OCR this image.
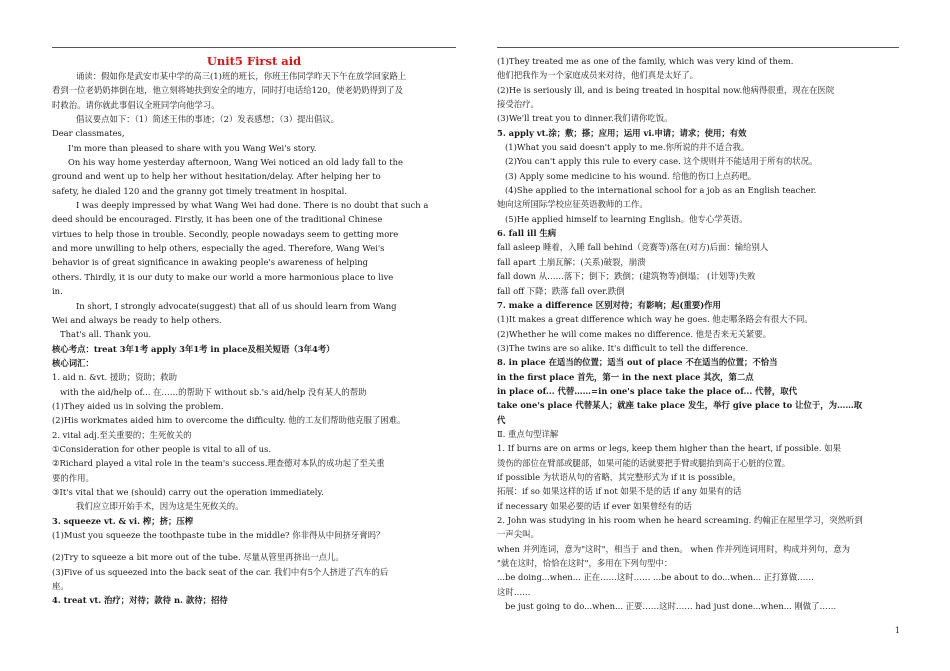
Unit5 First aid
诵读：假如你是武安市某中学的高三(1)班的班长，你班王伟同学昨天下午在放学回家路上
看到一位老奶奶摔倒在地，他立刻将她扶到安全的地方，同时打电话给120，使老奶奶得到了及
时救治。请你就此事倡议全班同学向他学习。
倡议要点如下：（1）简述王伟的事迹；（2）发表感想；（3）提出倡议。
Dear classmates,
I'm more than pleased to share with you Wang Wei's story.
On his way home yesterday afternoon, Wang Wei noticed an old lady fall to the
ground and went up to help her without hesitation/delay. After helping her to
safety, he dialed 120 and the granny got timely treatment in hospital.
I was deeply impressed by what Wang Wei had done. There is no doubt that such a
deed should be encouraged. Firstly, it has been one of the traditional Chinese
virtues to help those in trouble. Secondly, people nowadays seem to getting more
and more unwilling to help others, especially the aged. Therefore, Wang Wei's
behavior is of great significance in awaking people's awareness of helping
others. Thirdly, it is our duty to make our world a more harmonious place to live
in.
In short, I strongly advocate(suggest) that all of us should learn from Wang
Wei and always be ready to help others.
That's all. Thank you.
核心考点：treat 3年1考 apply 3年1考 in place及相关短语（3年4考）
核心词汇：
1. aid n. &vt. 援助；资助；救助
with the aid/help of... 在……的帮助下 without sb.'s aid/help 没有某人的帮助
(1)They aided us in solving the problem.
(2)His workmates aided him to overcome the difficulty. 他的工友们帮助他克服了困难。
2. vital adj.至关重要的；生死攸关的
①Consideration for other people is vital to all of us.
②Richard played a vital role in the team's success.理查德对本队的成功起了至关重
要的作用。
③It's vital that we (should) carry out the operation immediately.
我们应立即开始手术，因为这是生死攸关的。
3. squeeze vt. & vi. 榨；挤；压榨
(1)Must you squeeze the toothpaste tube in the middle? 你非得从中间挤牙膏吗？
(2)Try to squeeze a bit more out of the tube. 尽量从管里再挤出一点儿。
(3)Five of us squeezed into the back seat of the car. 我们中有5个人挤进了汽车的后
座。
4. treat vt. 治疗；对待；款待 n. 款待；招待
(1)They treated me as one of the family, which was very kind of them.
他们把我作为一个家庭成员来对待，他们真是太好了。
(2)He is seriously ill, and is being treated in hospital now.他病得很重，现在在医院
接受治疗。
(3)We'll treat you to dinner.我们请你吃饭。
5. apply vt.涂；敷；搽；应用；运用 vi.申请；请求；使用；有效
(1)What you said doesn't apply to me.你所说的并不适合我。
(2)You can't apply this rule to every case. 这个规则并不能适用于所有的状况。
(3) Apply some medicine to his wound. 给他的伤口上点药吧。
(4)She applied to the international school for a job as an English teacher.
她向这所国际学校应征英语教师的工作。
(5)He applied himself to learning English。他专心学英语。
6. fall ill 生病
fall asleep 睡着，入睡 fall behind（竞赛等)落在(对方)后面：输给别人
fall apart 土崩瓦解；(关系)破裂，崩溃
fall down 从……落下；倒下；跌倒；(建筑物等)倒塌； (计划等)失败
fall off 下降；跌落 fall over.跌倒
7. make a difference 区别对待；有影响；起(重要)作用
(1)It makes a great difference which way he goes. 他走哪条路会有很大不同。
(2)Whether he will come makes no difference. 他是否来无关紧要。
(3)The twins are so alike. It's difficult to tell the difference.
8. in place 在适当的位置；适当 out of place 不在适当的位置；不恰当
in the first place 首先，第一 in the next place 其次，第二点
in place of... 代替……=in one's place take the place of... 代替，取代
take one's place 代替某人；就座 take place 发生，举行 give place to 让位于，为……取
代
Ⅱ. 重点句型详解
1. If burns are on arms or legs, keep them higher than the heart, if possible. 如果
烫伤的部位在臂部或腿部，如果可能的话就要把手臂或腿抬到高于心脏的位置。
if possible 为状语从句的省略，其完整形式为 if it is possible。
拓展：if so 如果这样的话 if not 如果不是的话 if any 如果有的话
if necessary 如果必要的话 if ever 如果曾经有的话
2. John was studying in his room when he heard screaming. 约翰正在屋里学习，突然听到
一声尖叫。
when 并列连词，意为"这时"，相当于 and then。 when 作并列连词用时，构成并列句，意为
"就在这时，恰恰在这时"，多用在下列句型中：
...be doing...when... 正在……这时…… ...be about to do...when... 正打算做……
这时……
be just going to do...when... 正要……这时…… had just done...when... 刚做了……
1
